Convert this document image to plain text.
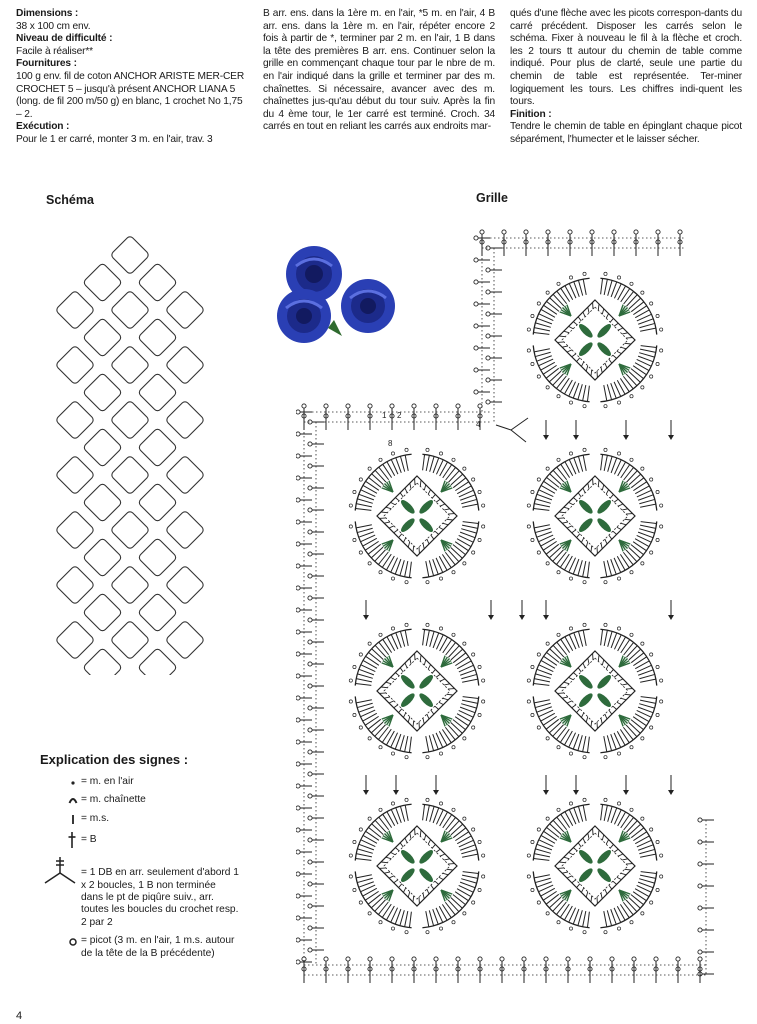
Dimensions :

38 x 100 cm env.

Niveau de difficulté :

Facile à réaliser**

Fournitures :

100 g env. fil de coton ANCHOR ARISTE MER-CER CROCHET 5 – jusqu'à présent ANCHOR LIANA 5 (long. de fil 200 m/50 g) en blanc, 1 crochet No 1,75 – 2.

Exécution :

Pour le 1 er carré, monter 3 m. en l'air, trav. 3

B arr. ens. dans la 1ère m. en l'air, *5 m. en l'air, 4 B arr. ens. dans la 1ère m. en l'air, répéter encore 2 fois à partir de *, terminer par 2 m. en l'air, 1 B dans la tête des premières B arr. ens. Continuer selon la grille en commençant chaque tour par le nbre de m. en l'air indiqué dans la grille et terminer par des m. chaînettes. Si nécessaire, avancer avec des m. chaînettes jus-qu'au début du tour suiv. Après la fin du 4 ème tour, le 1er carré est terminé. Croch. 34 carrés en tout en reliant les carrés aux endroits mar-

qués d'une flèche avec les picots correspon-dants du carré précédent. Disposer les carrés selon le schéma. Fixer à nouveau le fil à la flèche et croch. les 2 tours tt autour du chemin de table comme indiqué. Pour plus de clarté, seule une partie du chemin de table est représentée. Ter-miner logiquement les tours. Les chiffres indi-quent les tours.

Finition :

Tendre le chemin de table en épinglant chaque picot séparément, l'humecter et le laisser sécher.

Schéma	Grille
1 2
4
8
Explication des signes :
= m. en l'air
= m. chaînette
= m.s.
= B
= 1 DB en arr. seulement d'abord 1 x 2 boucles, 1 B non terminée dans le pt de piqûre suiv., arr. toutes les boucles du crochet resp. 2 par 2
= picot (3 m. en l'air, 1 m.s. autour de la tête de la B précédente)
4
